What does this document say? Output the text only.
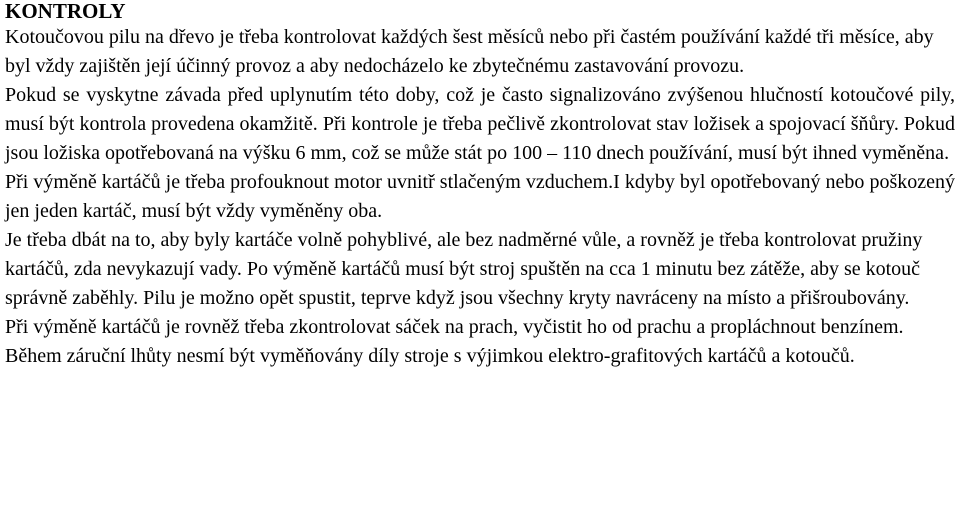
KONTROLY

Kotoučovou pilu na dřevo je třeba kontrolovat každých šest měsíců nebo při častém používání každé tři měsíce, aby byl vždy zajištěn její účinný provoz a aby nedocházelo ke zbytečnému zastavování provozu.

Pokud se vyskytne závada před uplynutím této doby, což je často signalizováno zvýšenou hlučností kotoučové pily, musí být kontrola provedena okamžitě. Při kontrole je třeba pečlivě zkontrolovat stav ložisek a spojovací šňůry. Pokud jsou ložiska opotřebovaná na výšku 6 mm, což se může stát po 100 – 110 dnech používání, musí být ihned vyměněna.

Při výměně kartáčů je třeba profouknout motor uvnitř stlačeným vzduchem.I kdyby byl opotřebovaný nebo poškozený jen jeden kartáč, musí být vždy vyměněny oba.

Je třeba dbát na to, aby byly kartáče volně pohyblivé, ale bez nadměrné vůle, a rovněž je třeba kontrolovat pružiny kartáčů, zda nevykazují vady. Po výměně kartáčů musí být stroj spuštěn na cca 1 minutu bez zátěže, aby se kotouč správně zaběhly. Pilu je možno opět spustit, teprve když jsou všechny kryty navráceny na místo a přišroubovány.

Při výměně kartáčů je rovněž třeba zkontrolovat sáček na prach, vyčistit ho od prachu a propláchnout benzínem.

Během záruční lhůty nesmí být vyměňovány díly stroje s výjimkou elektro-grafitových kartáčů a kotoučů.
